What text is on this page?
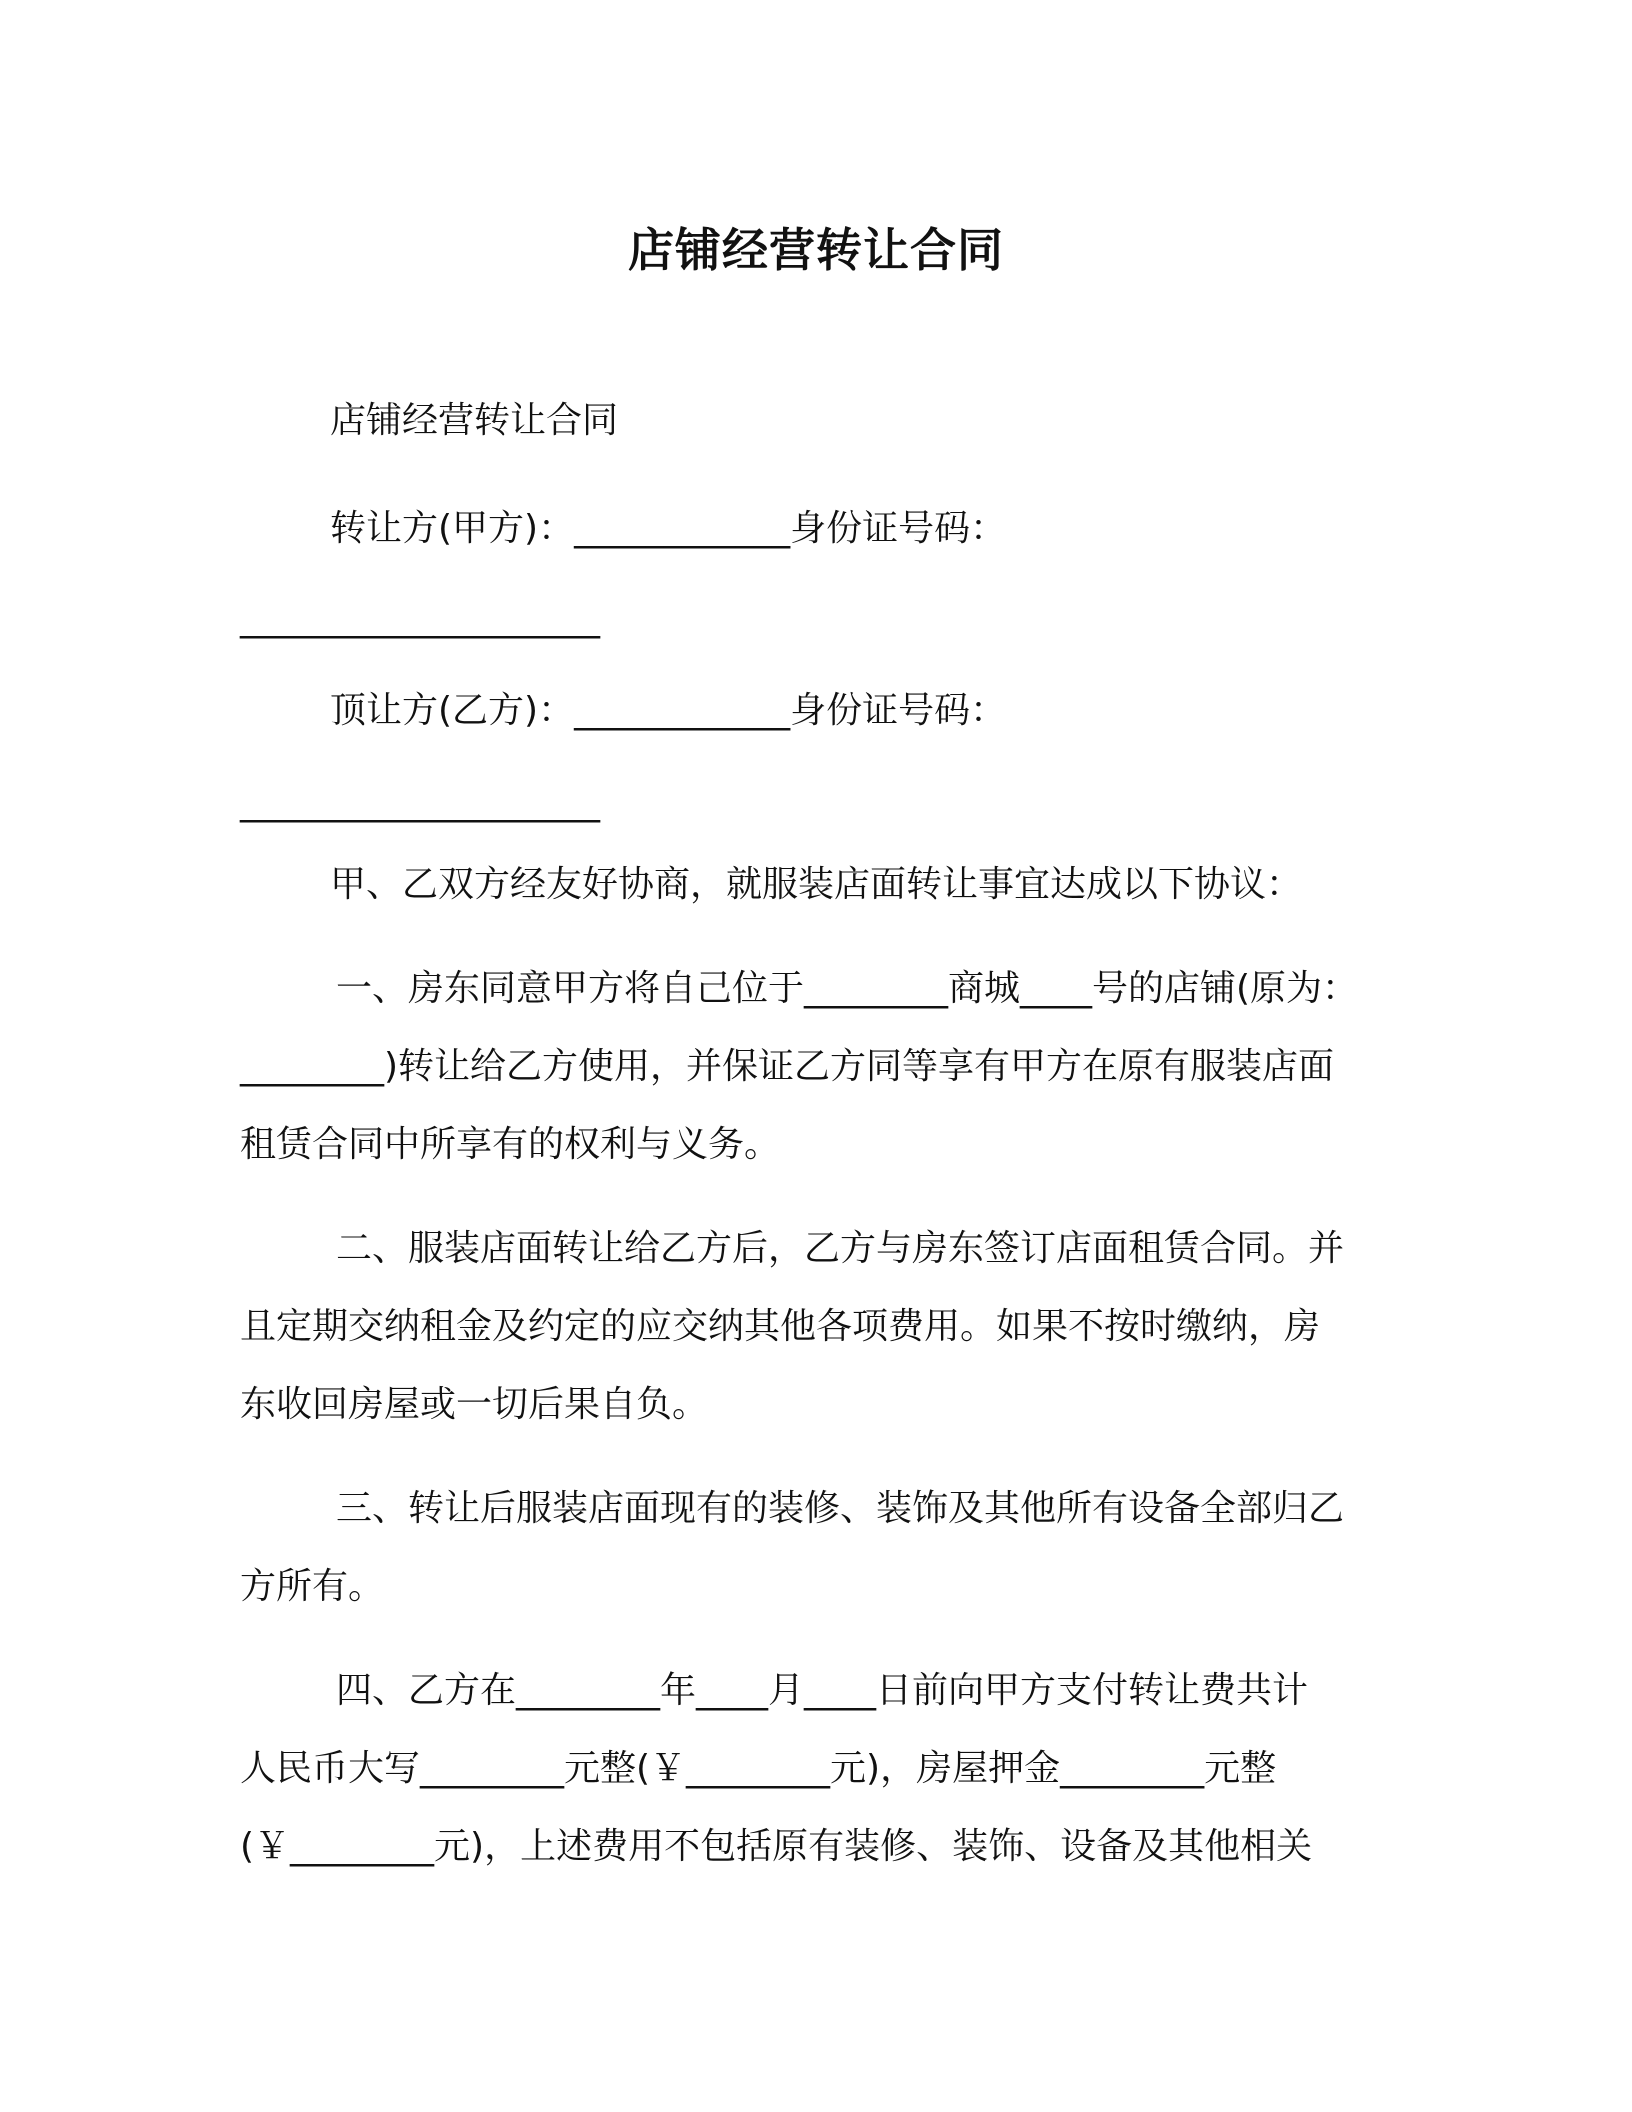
店铺经营转让合同
店铺经营转让合同
转让方(甲方)：____________身份证号码：
____________________
顶让方(乙方)：____________身份证号码：
____________________
甲、乙双方经友好协商，就服装店面转让事宜达成以下协议：
一、房东同意甲方将自己位于________商城____号的店铺(原为：
________)转让给乙方使用，并保证乙方同等享有甲方在原有服装店面
租赁合同中所享有的权利与义务。
二、服装店面转让给乙方后，乙方与房东签订店面租赁合同。并
且定期交纳租金及约定的应交纳其他各项费用。如果不按时缴纳，房
东收回房屋或一切后果自负。
三、转让后服装店面现有的装修、装饰及其他所有设备全部归乙
方所有。
四、乙方在________年____月____日前向甲方支付转让费共计
人民币大写________元整(￥________元)，房屋押金________元整
(￥________元)，上述费用不包括原有装修、装饰、设备及其他相关
